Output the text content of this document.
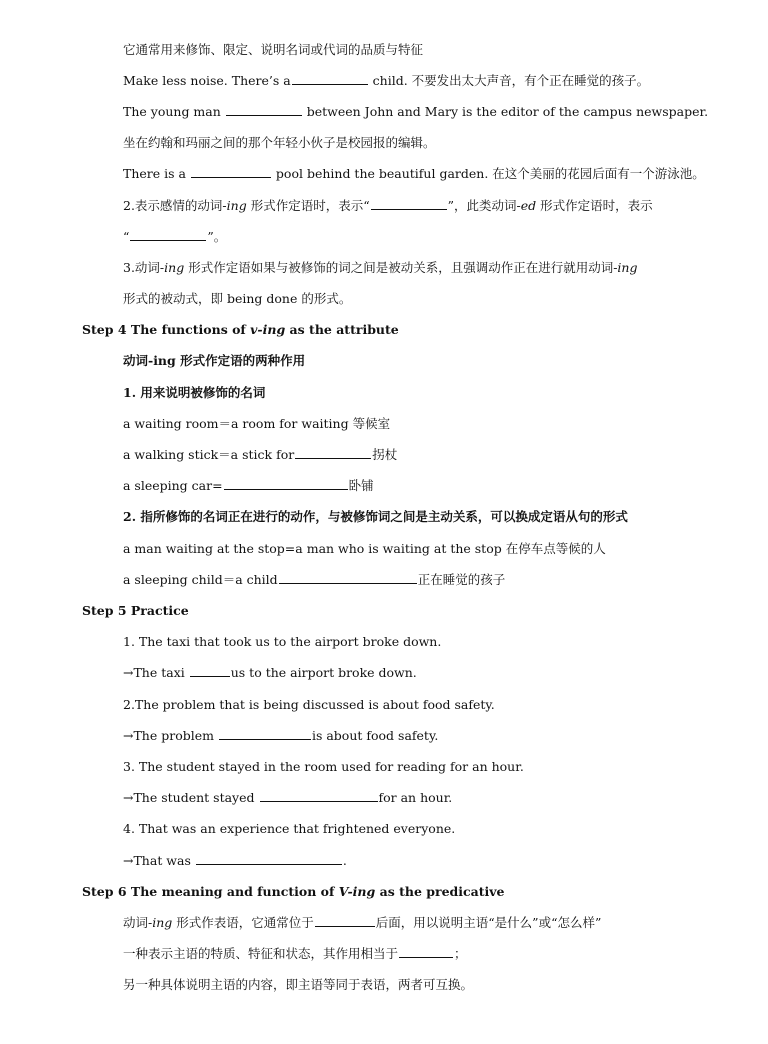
它通常用来修饰、限定、说明名词或代词的品质与特征
Make less noise. There’s a	child. 不要发出太大声音，有个正在睡觉的孩子。
The young man	between John and Mary is the editor of the campus newspaper.
坐在约翰和玛丽之间的那个年轻小伙子是校园报的编辑。
There is a	pool behind the beautiful garden. 在这个美丽的花园后面有一个游泳池。
2.表示感情的动词-ing 形式作定语时，表示“	”，此类动词-ed 形式作定语时，表示
“	”。
3.动词-ing 形式作定语如果与被修饰的词之间是被动关系，且强调动作正在进行就用动词-ing
形式的被动式，即 being done 的形式。
Step 4 The functions of v-ing as the attribute
动词-ing 形式作定语的两种作用
1. 用来说明被修饰的名词
a waiting room＝a room for waiting 等候室
a walking stick＝a stick for	拐杖
a sleeping car=	卧铺
2. 指所修饰的名词正在进行的动作，与被修饰词之间是主动关系，可以换成定语从句的形式
a man waiting at the stop=a man who is waiting at the stop 在停车点等候的人
a sleeping child＝a child	正在睡觉的孩子
Step 5 Practice
1. The taxi that took us to the airport broke down.
→The taxi	us to the airport broke down.
2.The problem that is being discussed is about food safety.
→The problem	is about food safety.
3. The student stayed in the room used for reading for an hour.
→The student stayed	for an hour.
4. That was an experience that frightened everyone.
→That was	.
Step 6 The meaning and function of V-ing as the predicative
动词-ing 形式作表语，它通常位于	后面，用以说明主语“是什么”或“怎么样”
一种表示主语的特质、特征和状态，其作用相当于	；
另一种具体说明主语的内容，即主语等同于表语，两者可互换。
